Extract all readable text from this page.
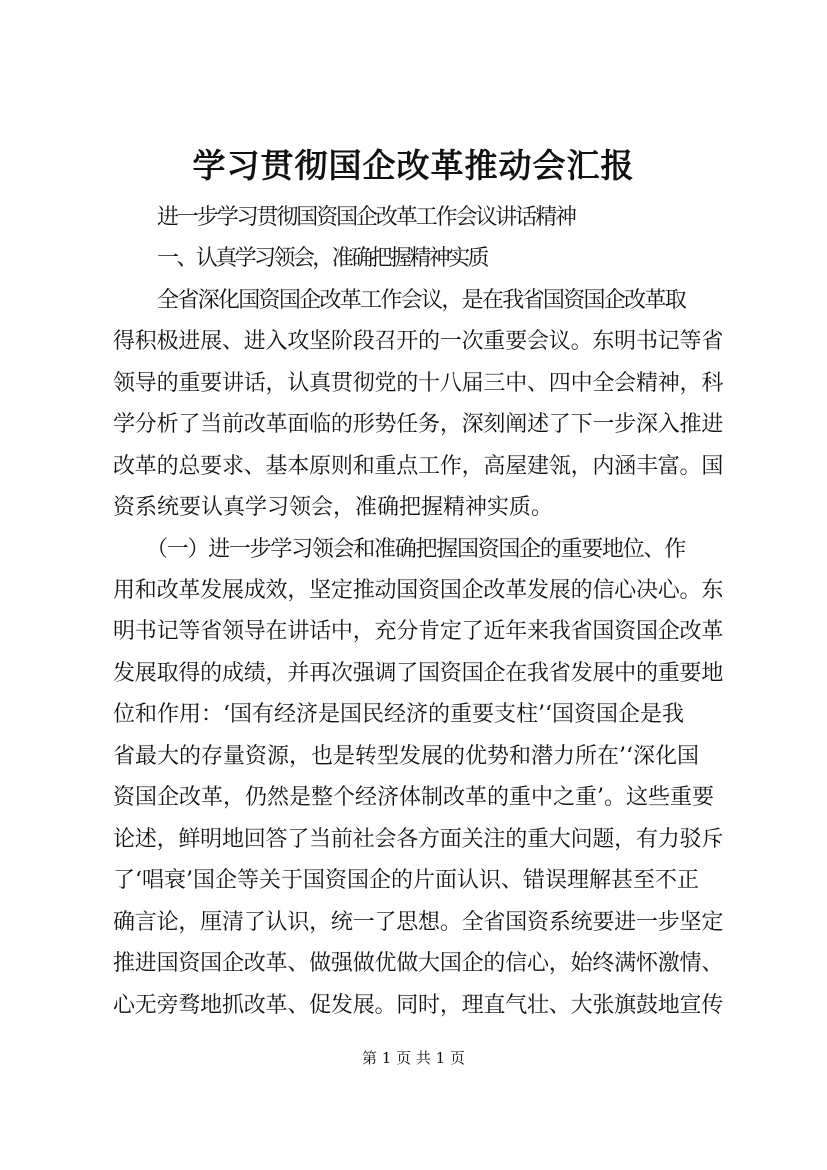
学习贯彻国企改革推动会汇报
进一步学习贯彻国资国企改革工作会议讲话精神
一、认真学习领会，准确把握精神实质
全省深化国资国企改革工作会议，是在我省国资国企改革取
得积极进展、进入攻坚阶段召开的一次重要会议。东明书记等省
领导的重要讲话，认真贯彻党的十八届三中、四中全会精神，科
学分析了当前改革面临的形势任务，深刻阐述了下一步深入推进
改革的总要求、基本原则和重点工作，高屋建瓴，内涵丰富。国
资系统要认真学习领会，准确把握精神实质。
（一）进一步学习领会和准确把握国资国企的重要地位、作
用和改革发展成效，坚定推动国资国企改革发展的信心决心。东
明书记等省领导在讲话中，充分肯定了近年来我省国资国企改革
发展取得的成绩，并再次强调了国资国企在我省发展中的重要地
位和作用：‘国有经济是国民经济的重要支柱’‘国资国企是我
省最大的存量资源，也是转型发展的优势和潜力所在’‘深化国
资国企改革，仍然是整个经济体制改革的重中之重’。这些重要
论述，鲜明地回答了当前社会各方面关注的重大问题，有力驳斥
了‘唱衰’国企等关于国资国企的片面认识、错误理解甚至不正
确言论，厘清了认识，统一了思想。全省国资系统要进一步坚定
推进国资国企改革、做强做优做大国企的信心，始终满怀激情、
心无旁骛地抓改革、促发展。同时，理直气壮、大张旗鼓地宣传
第 1 页 共 1 页
